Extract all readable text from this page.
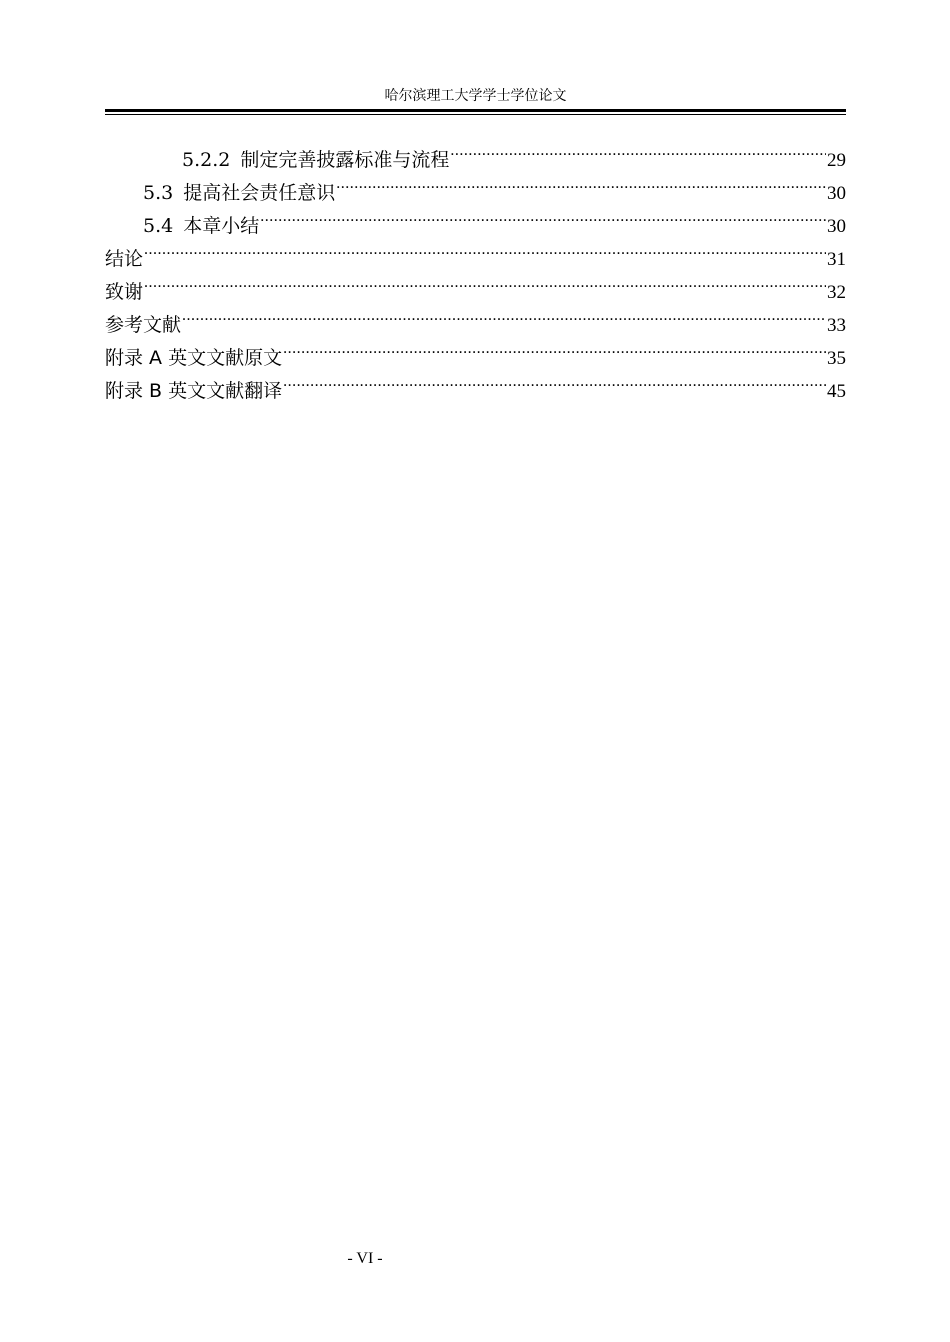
哈尔滨理工大学学士学位论文
5.2.2 制定完善披露标准与流程 .....	29
5.3 提高社会责任意识 .....	30
5.4 本章小结 .....	30
结论 .....	31
致谢 .....	32
参考文献 .....	33
附录 A 英文文献原文 .....	35
附录 B 英文文献翻译 .....	45
- VI -
